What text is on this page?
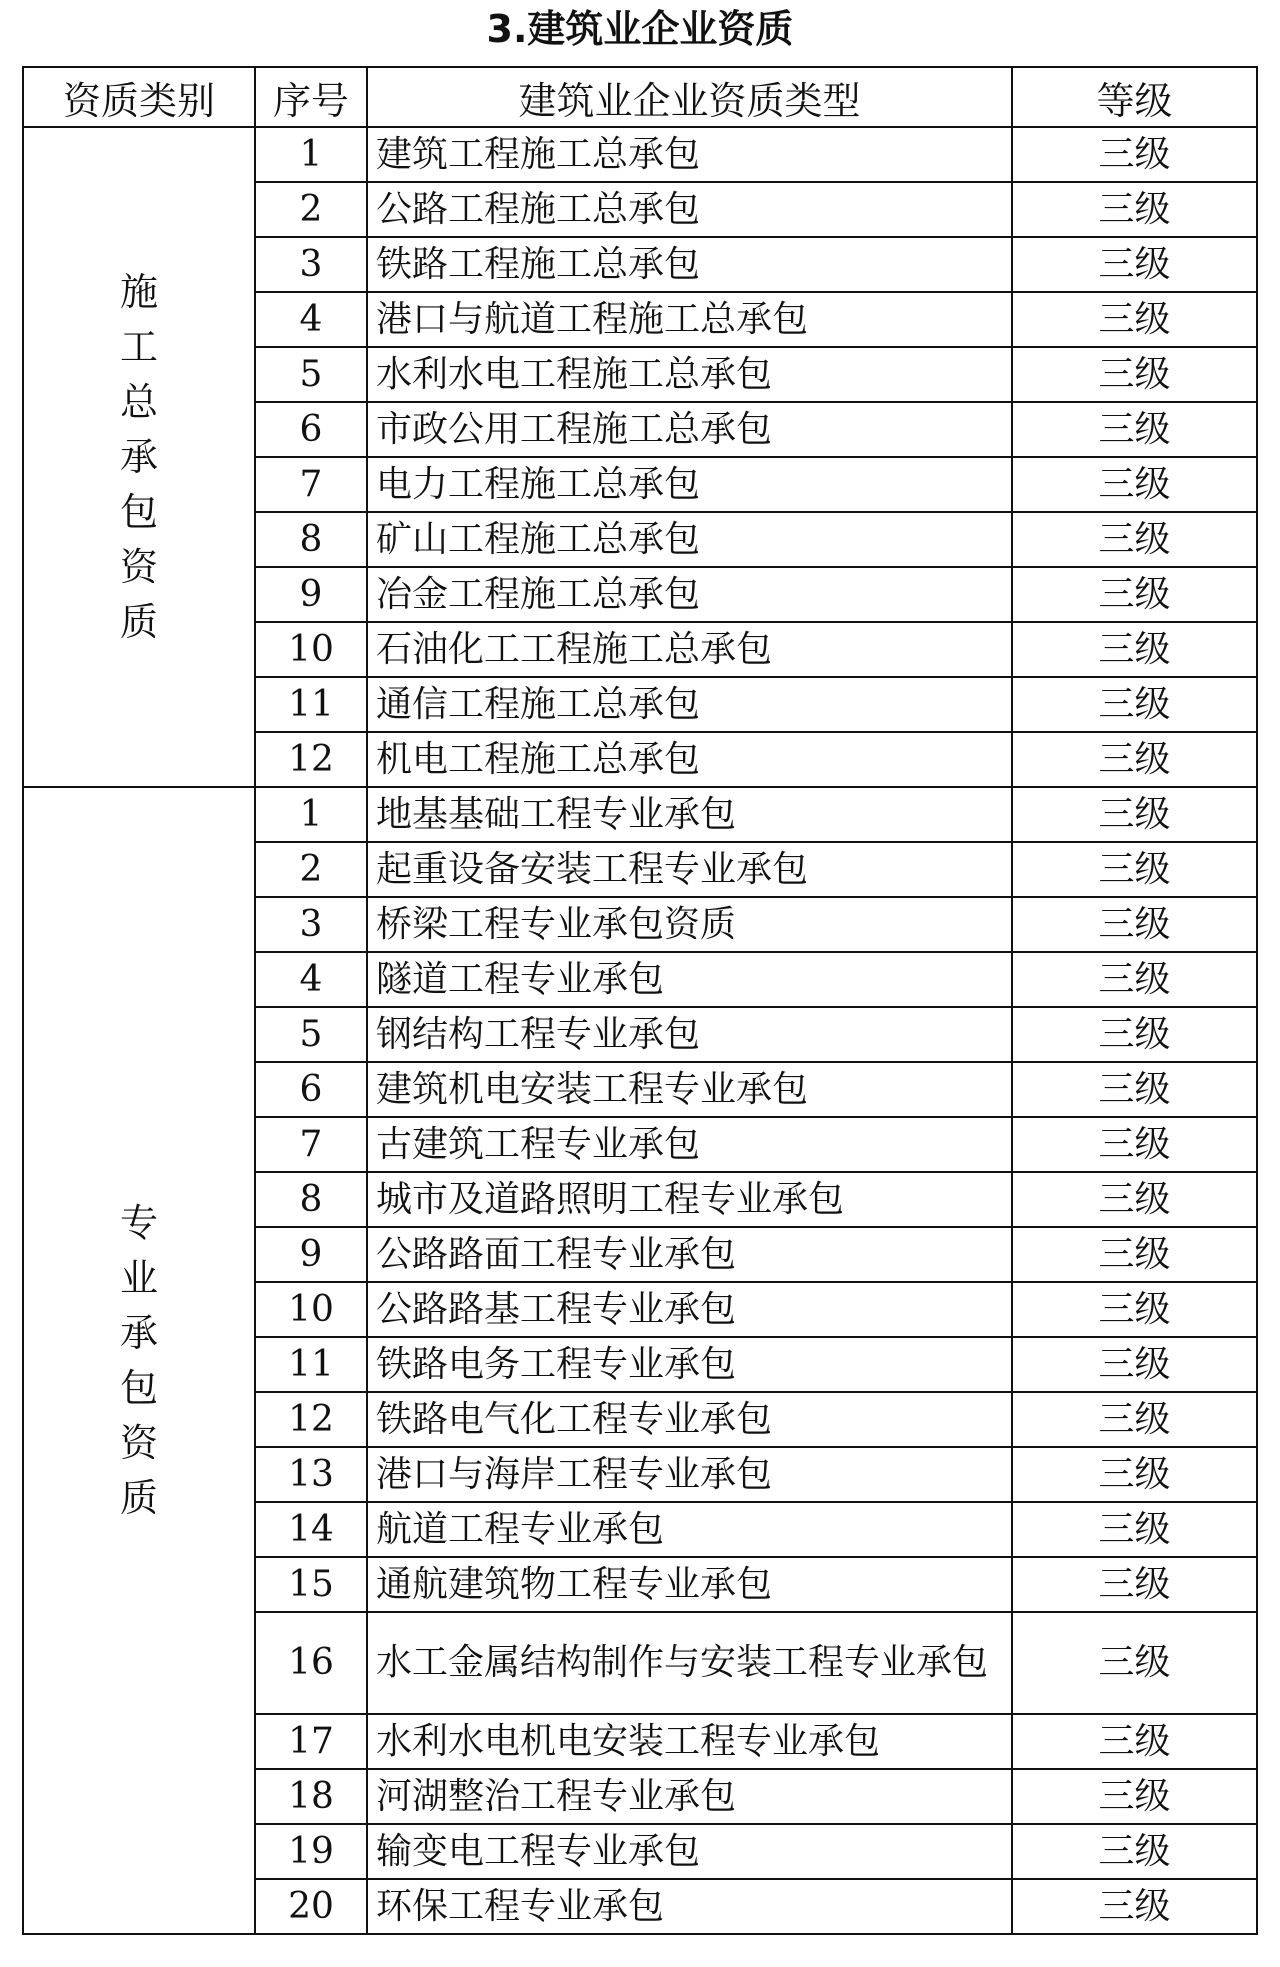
3.建筑业企业资质
资质类别	序号	建筑业企业资质类型	等级
施工总承包资质	1	建筑工程施工总承包	三级
	2	公路工程施工总承包	三级
	3	铁路工程施工总承包	三级
	4	港口与航道工程施工总承包	三级
	5	水利水电工程施工总承包	三级
	6	市政公用工程施工总承包	三级
	7	电力工程施工总承包	三级
	8	矿山工程施工总承包	三级
	9	冶金工程施工总承包	三级
	10	石油化工工程施工总承包	三级
	11	通信工程施工总承包	三级
	12	机电工程施工总承包	三级
专业承包资质	1	地基基础工程专业承包	三级
	2	起重设备安装工程专业承包	三级
	3	桥梁工程专业承包资质	三级
	4	隧道工程专业承包	三级
	5	钢结构工程专业承包	三级
	6	建筑机电安装工程专业承包	三级
	7	古建筑工程专业承包	三级
	8	城市及道路照明工程专业承包	三级
	9	公路路面工程专业承包	三级
	10	公路路基工程专业承包	三级
	11	铁路电务工程专业承包	三级
	12	铁路电气化工程专业承包	三级
	13	港口与海岸工程专业承包	三级
	14	航道工程专业承包	三级
	15	通航建筑物工程专业承包	三级
	16	水工金属结构制作与安装工程专业承包	三级
	17	水利水电机电安装工程专业承包	三级
	18	河湖整治工程专业承包	三级
	19	输变电工程专业承包	三级
	20	环保工程专业承包	三级
